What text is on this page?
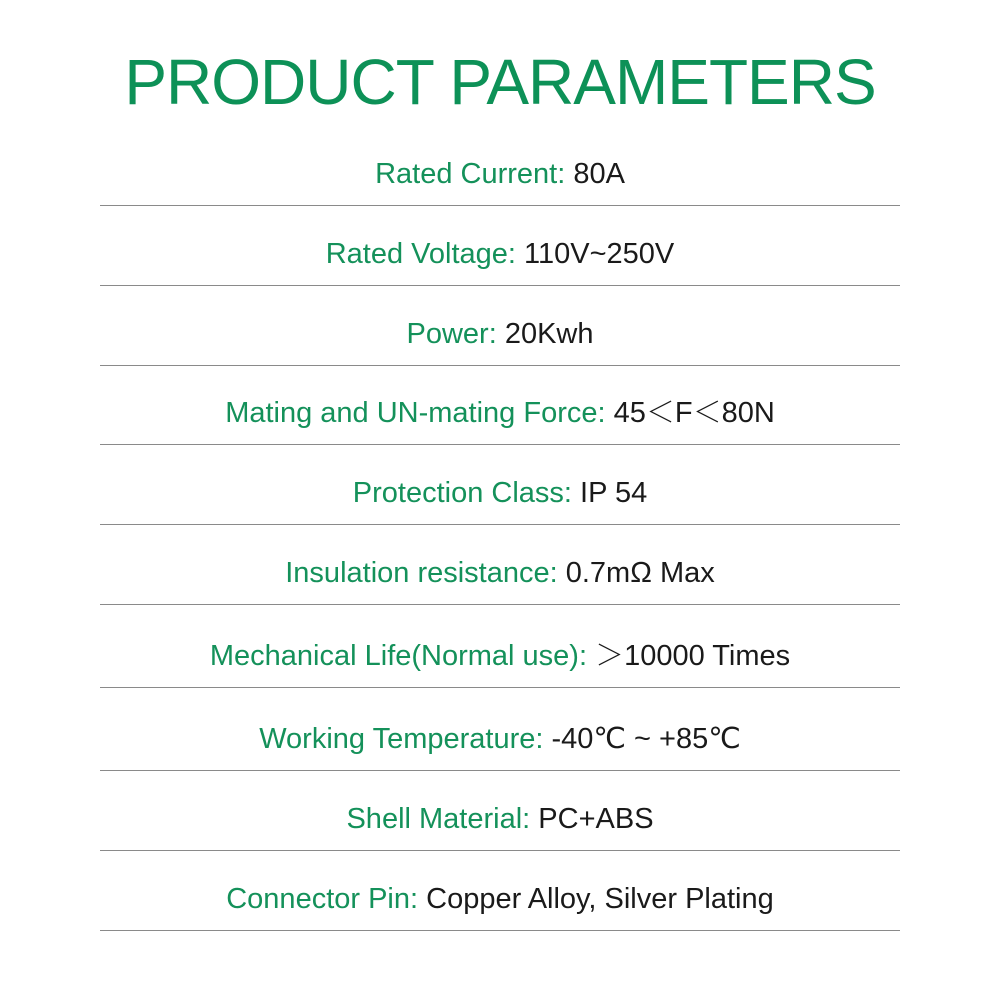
PRODUCT PARAMETERS
Rated Current: 80A
Rated Voltage: 110V~250V
Power: 20Kwh
Mating and UN-mating Force: 45＜F＜80N
Protection Class: IP 54
Insulation resistance: 0.7mΩ Max
Mechanical Life(Normal use): ＞10000 Times
Working Temperature: -40℃ ~ +85℃
Shell Material: PC+ABS
Connector Pin: Copper Alloy, Silver Plating
